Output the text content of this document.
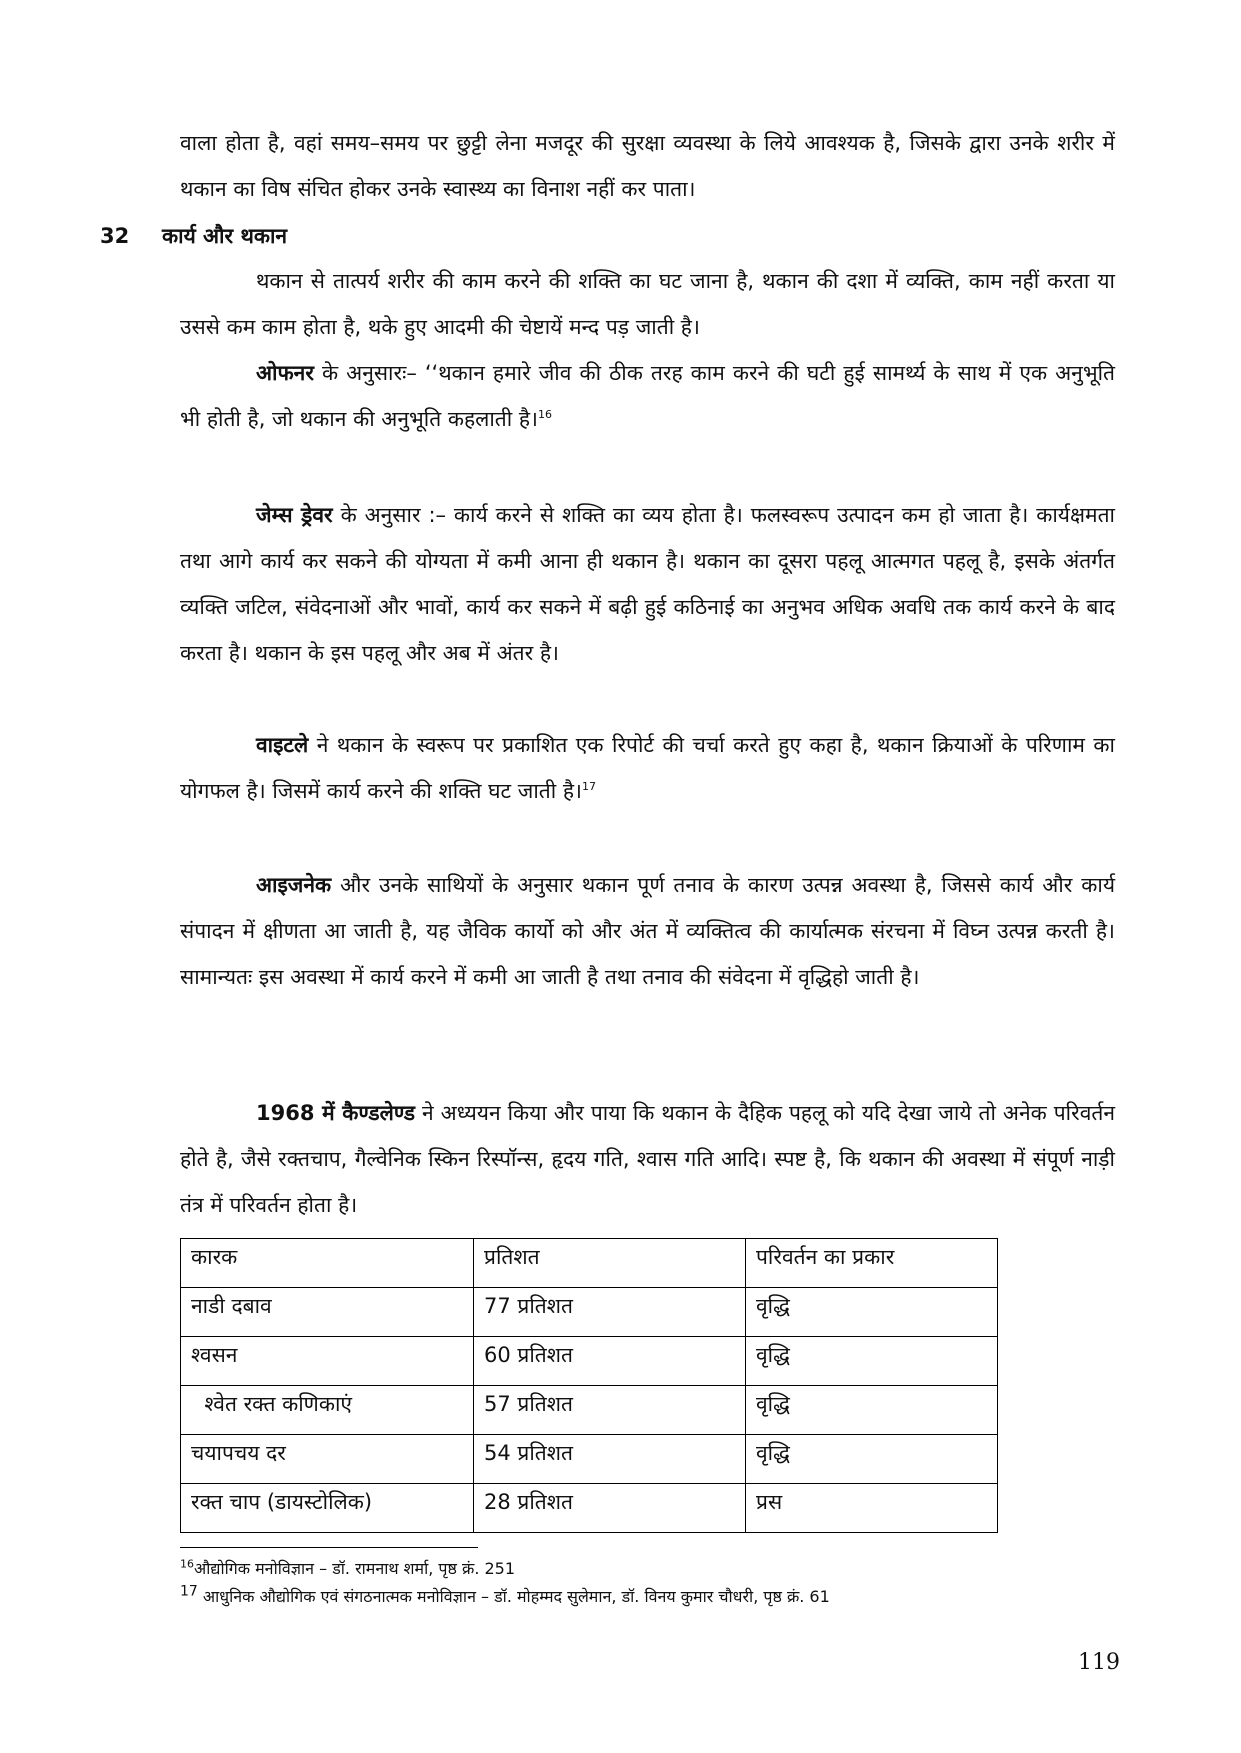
वाला होता है, वहां समय–समय पर छुट्टी लेना मजदूर की सुरक्षा व्यवस्था के लिये आवश्यक है, जिसके द्वारा उनके शरीर में थकान का विष संचित होकर उनके स्वास्थ्य का विनाश नहीं कर पाता।

32 कार्य और थकान

थकान से तात्पर्य शरीर की काम करने की शक्ति का घट जाना है, थकान की दशा में व्यक्ति, काम नहीं करता या उससे कम काम होता है, थके हुए आदमी की चेष्टायें मन्द पड़ जाती है।

ओफनर के अनुसारः– ‘‘थकान हमारे जीव की ठीक तरह काम करने की घटी हुई सामर्थ्य के साथ में एक अनुभूति भी होती है, जो थकान की अनुभूति कहलाती है।$^{16}$

जेम्स ड्रेवर के अनुसार :– कार्य करने से शक्ति का व्यय होता है। फलस्वरूप उत्पादन कम हो जाता है। कार्यक्षमता तथा आगे कार्य कर सकने की योग्यता में कमी आना ही थकान है। थकान का दूसरा पहलू आत्मगत पहलू है, इसके अंतर्गत व्यक्ति जटिल, संवेदनाओं और भावों, कार्य कर सकने में बढ़ी हुई कठिनाई का अनुभव अधिक अवधि तक कार्य करने के बाद करता है। थकान के इस पहलू और अब में अंतर है।

वाइटले ने थकान के स्वरूप पर प्रकाशित एक रिपोर्ट की चर्चा करते हुए कहा है, थकान क्रियाओं के परिणाम का योगफल है। जिसमें कार्य करने की शक्ति घट जाती है।$^{17}$

आइजनेक और उनके साथियों के अनुसार थकान पूर्ण तनाव के कारण उत्पन्न अवस्था है, जिससे कार्य और कार्य संपादन में क्षीणता आ जाती है, यह जैविक कार्यो को और अंत में व्यक्तित्व की कार्यात्मक संरचना में विघ्न उत्पन्न करती है। सामान्यतः इस अवस्था में कार्य करने में कमी आ जाती है तथा तनाव की संवेदना में वृद्धिहो जाती है।

1968 में कैण्डलेण्ड ने अध्ययन किया और पाया कि थकान के दैहिक पहलू को यदि देखा जाये तो अनेक परिवर्तन होते है, जैसे रक्तचाप, गैल्वेनिक स्किन रिस्पॉन्स, हृदय गति, श्वास गति आदि। स्पष्ट है, कि थकान की अवस्था में संपूर्ण नाड़ी तंत्र में परिवर्तन होता है।

कारक	प्रतिशत	परिवर्तन का प्रकार
नाडी दबाव	77 प्रतिशत	वृद्धि
श्वसन	60 प्रतिशत	वृद्धि
श्वेत रक्त कणिकाएं	57 प्रतिशत	वृद्धि
चयापचय दर	54 प्रतिशत	वृद्धि
रक्त चाप (डायस्टोलिक)	28 प्रतिशत	प्रस
$^{16}$औद्योगिक मनोविज्ञान – डॉ. रामनाथ शर्मा, पृष्ठ क्रं. 251
$^{17}$ आधुनिक औद्योगिक एवं संगठनात्मक मनोविज्ञान – डॉ. मोहम्मद सुलेमान, डॉ. विनय कुमार चौधरी, पृष्ठ क्रं. 61
119
